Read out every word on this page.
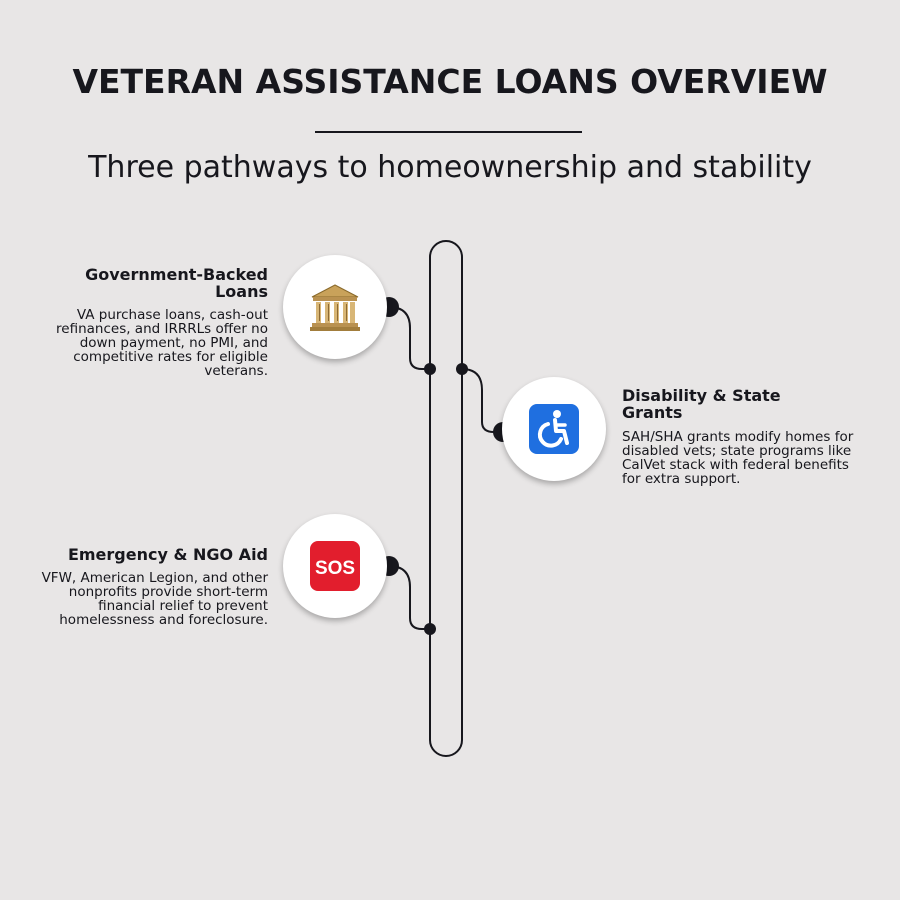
VETERAN ASSISTANCE LOANS OVERVIEW
Three pathways to homeownership and stability
Government-Backed Loans
VA purchase loans, cash-out refinances, and IRRRLs offer no down payment, no PMI, and competitive rates for eligible veterans.
Disability & State Grants
SAH/SHA grants modify homes for disabled vets; state programs like CalVet stack with federal benefits for extra support.
Emergency & NGO Aid
VFW, American Legion, and other nonprofits provide short-term financial relief to prevent homelessness and foreclosure.
SOS
